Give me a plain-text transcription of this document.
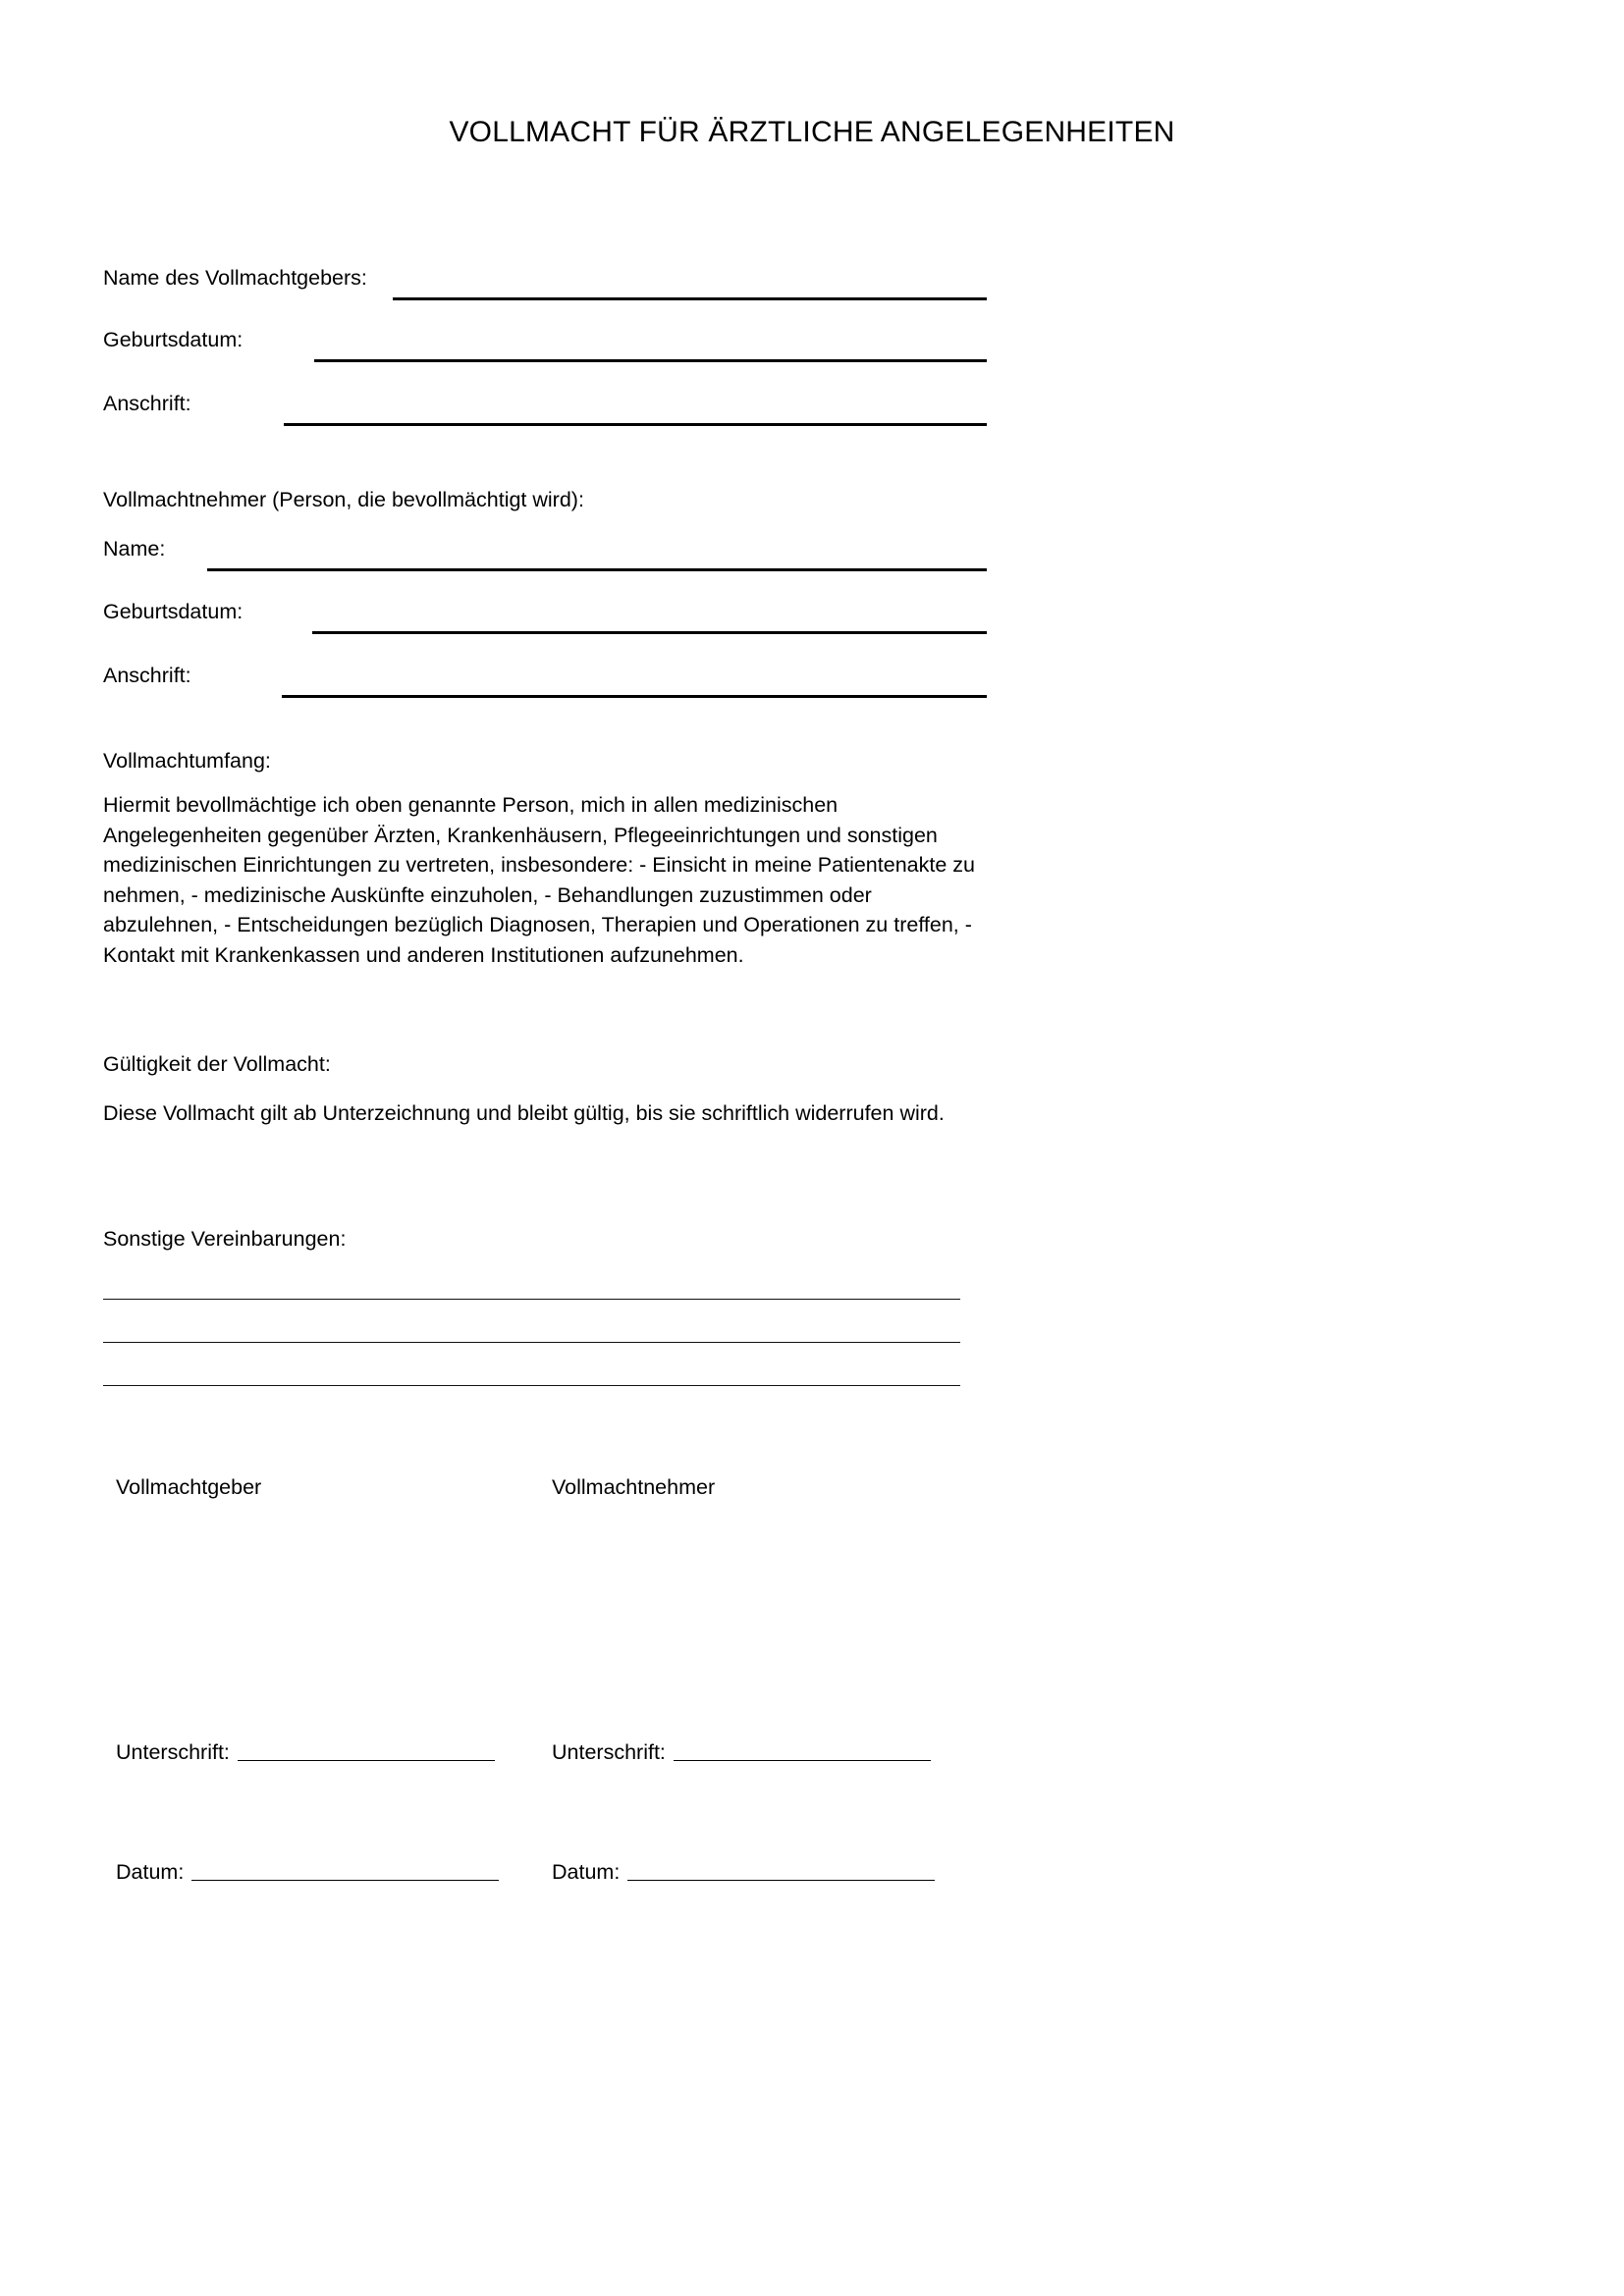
VOLLMACHT FÜR ÄRZTLICHE ANGELEGENHEITEN
Name des Vollmachtgebers:
Geburtsdatum:
Anschrift:
Vollmachtnehmer (Person, die bevollmächtigt wird):
Name:
Geburtsdatum:
Anschrift:
Vollmachtumfang:
Hiermit bevollmächtige ich oben genannte Person, mich in allen medizinischen Angelegenheiten gegenüber Ärzten, Krankenhäusern, Pflegeeinrichtungen und sonstigen medizinischen Einrichtungen zu vertreten, insbesondere: - Einsicht in meine Patientenakte zu nehmen, - medizinische Auskünfte einzuholen, - Behandlungen zuzustimmen oder abzulehnen, - Entscheidungen bezüglich Diagnosen, Therapien und Operationen zu treffen, - Kontakt mit Krankenkassen und anderen Institutionen aufzunehmen.
Gültigkeit der Vollmacht:
Diese Vollmacht gilt ab Unterzeichnung und bleibt gültig, bis sie schriftlich widerrufen wird.
Sonstige Vereinbarungen:
Vollmachtgeber
Unterschrift:
Datum:
Vollmachtnehmer
Unterschrift:
Datum:
